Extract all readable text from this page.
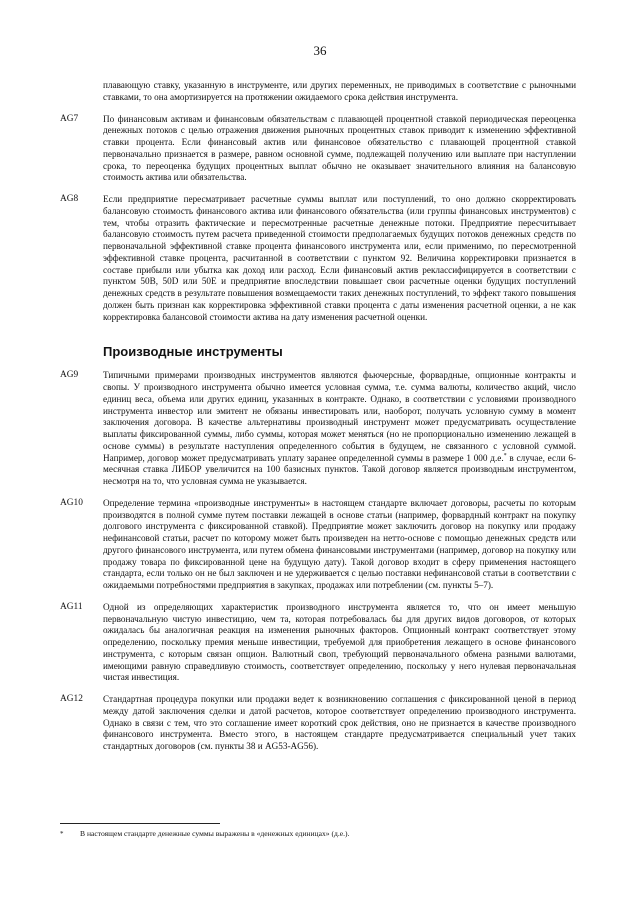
36
плавающую ставку, указанную в инструменте, или других переменных, не приводимых в соответствие с рыночными ставками, то она амортизируется на протяжении ожидаемого срока действия инструмента.
AG7	По финансовым активам и финансовым обязательствам с плавающей процентной ставкой периодическая переоценка денежных потоков с целью отражения движения рыночных процентных ставок приводит к изменению эффективной ставки процента. Если финансовый актив или финансовое обязательство с плавающей процентной ставкой первоначально признается в размере, равном основной сумме, подлежащей получению или выплате при наступлении срока, то переоценка будущих процентных выплат обычно не оказывает значительного влияния на балансовую стоимость актива или обязательства.
AG8	Если предприятие пересматривает расчетные суммы выплат или поступлений, то оно должно скорректировать балансовую стоимость финансового актива или финансового обязательства (или группы финансовых инструментов) с тем, чтобы отразить фактические и пересмотренные расчетные денежные потоки. Предприятие пересчитывает балансовую стоимость путем расчета приведенной стоимости предполагаемых будущих потоков денежных средств по первоначальной эффективной ставке процента финансового инструмента или, если применимо, по пересмотренной эффективной ставке процента, расчитанной в соответствии с пунктом 92. Величина корректировки признается в составе прибыли или убытка как доход или расход. Если финансовый актив реклассифицируется в соответствии с пунктом 50B, 50D или 50E и предприятие впоследствии повышает свои расчетные оценки будущих поступлений денежных средств в результате повышения возмещаемости таких денежных поступлений, то эффект такого повышения должен быть признан как корректировка эффективной ставки процента с даты изменения расчетной оценки, а не как корректировка балансовой стоимости актива на дату изменения расчетной оценки.
Производные инструменты
AG9	Типичными примерами производных инструментов являются фьючерсные, форвардные, опционные контракты и свопы. У производного инструмента обычно имеется условная сумма, т.е. сумма валюты, количество акций, число единиц веса, объема или других единиц, указанных в контракте. Однако, в соответствии с условиями производного инструмента инвестор или эмитент не обязаны инвестировать или, наоборот, получать условную сумму в момент заключения договора. В качестве альтернативы производный инструмент может предусматривать осуществление выплаты фиксированной суммы, либо суммы, которая может меняться (но не пропорционально изменению лежащей в основе суммы) в результате наступления определенного события в будущем, не связанного с условной суммой. Например, договор может предусматривать уплату заранее определенной суммы в размере 1 000 д.е.* в случае, если 6-месячная ставка ЛИБОР увеличится на 100 базисных пунктов. Такой договор является производным инструментом, несмотря на то, что условная сумма не указывается.
AG10	Определение термина «производные инструменты» в настоящем стандарте включает договоры, расчеты по которым производятся в полной сумме путем поставки лежащей в основе статьи (например, форвардный контракт на покупку долгового инструмента с фиксированной ставкой). Предприятие может заключить договор на покупку или продажу нефинансовой статьи, расчет по которому может быть произведен на нетто-основе с помощью денежных средств или другого финансового инструмента, или путем обмена финансовыми инструментами (например, договор на покупку или продажу товара по фиксированной цене на будущую дату). Такой договор входит в сферу применения настоящего стандарта, если только он не был заключен и не удерживается с целью поставки нефинансовой статьи в соответствии с ожидаемыми потребностями предприятия в закупках, продажах или потреблении (см. пункты 5–7).
AG11	Одной из определяющих характеристик производного инструмента является то, что он имеет меньшую первоначальную чистую инвестицию, чем та, которая потребовалась бы для других видов договоров, от которых ожидалась бы аналогичная реакция на изменения рыночных факторов. Опционный контракт соответствует этому определению, поскольку премия меньше инвестиции, требуемой для приобретения лежащего в основе финансового инструмента, с которым связан опцион. Валютный своп, требующий первоначального обмена разными валютами, имеющими равную справедливую стоимость, соответствует определению, поскольку у него нулевая первоначальная чистая инвестиция.
AG12	Стандартная процедура покупки или продажи ведет к возникновению соглашения с фиксированной ценой в период между датой заключения сделки и датой расчетов, которое соответствует определению производного инструмента. Однако в связи с тем, что это соглашение имеет короткий срок действия, оно не признается в качестве производного финансового инструмента. Вместо этого, в настоящем стандарте предусматривается специальный учет таких стандартных договоров (см. пункты 38 и AG53-AG56).
*	В настоящем стандарте денежные суммы выражены в «денежных единицах» (д.е.).
